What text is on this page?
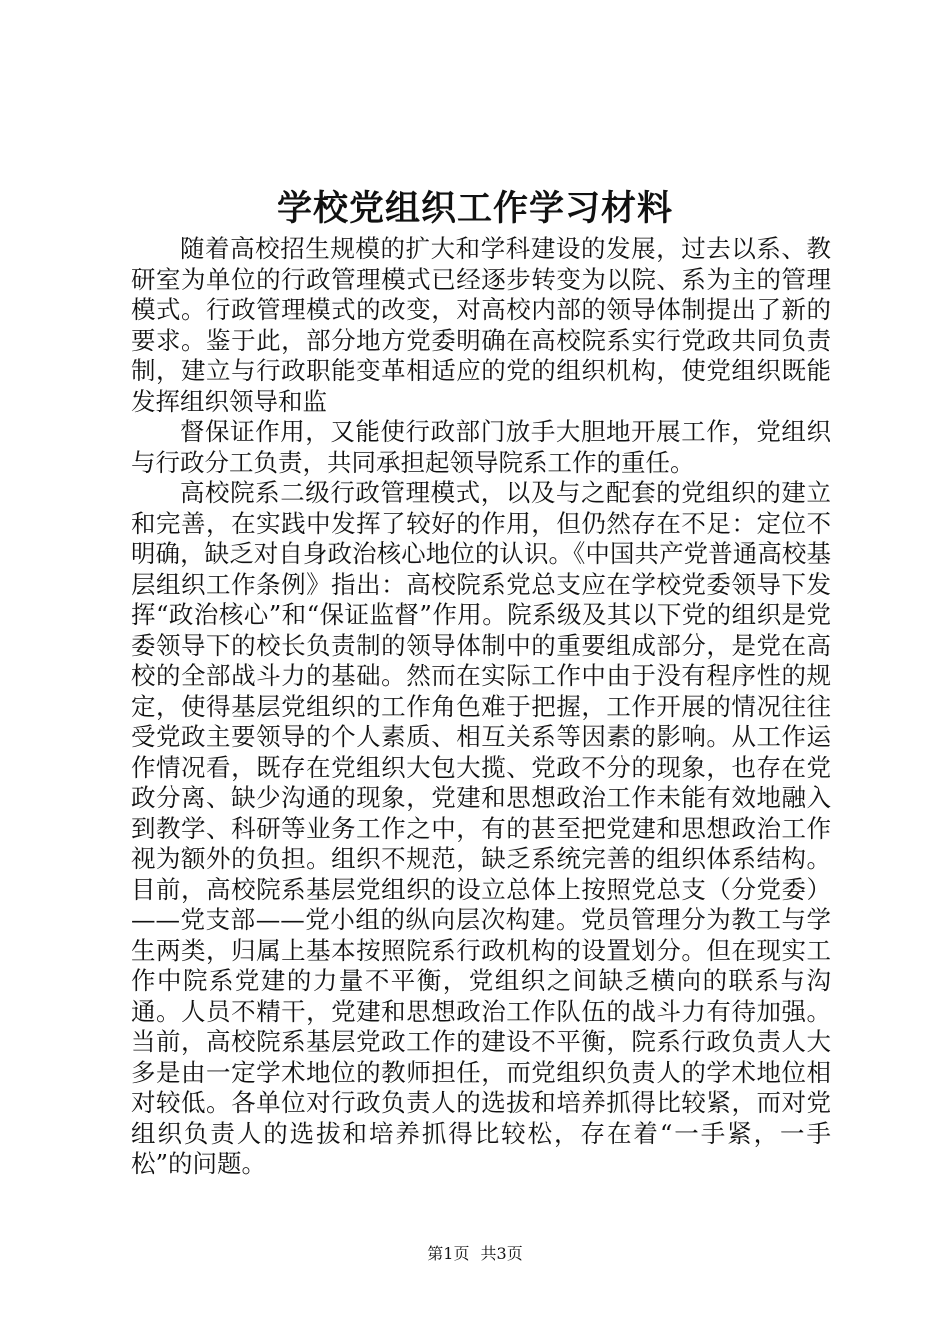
学校党组织工作学习材料

随着高校招生规模的扩大和学科建设的发展，过去以系、教研室为单位的行政管理模式已经逐步转变为以院、系为主的管理模式。行政管理模式的改变，对高校内部的领导体制提出了新的要求。鉴于此，部分地方党委明确在高校院系实行党政共同负责制，建立与行政职能变革相适应的党的组织机构，使党组织既能发挥组织领导和监

督保证作用，又能使行政部门放手大胆地开展工作，党组织与行政分工负责，共同承担起领导院系工作的重任。

高校院系二级行政管理模式，以及与之配套的党组织的建立和完善，在实践中发挥了较好的作用，但仍然存在不足：定位不明确，缺乏对自身政治核心地位的认识。《中国共产党普通高校基层组织工作条例》指出：高校院系党总支应在学校党委领导下发挥“政治核心”和“保证监督”作用。院系级及其以下党的组织是党委领导下的校长负责制的领导体制中的重要组成部分，是党在高校的全部战斗力的基础。然而在实际工作中由于没有程序性的规定，使得基层党组织的工作角色难于把握，工作开展的情况往往受党政主要领导的个人素质、相互关系等因素的影响。从工作运作情况看，既存在党组织大包大揽、党政不分的现象，也存在党政分离、缺少沟通的现象，党建和思想政治工作未能有效地融入到教学、科研等业务工作之中，有的甚至把党建和思想政治工作视为额外的负担。组织不规范，缺乏系统完善的组织体系结构。目前，高校院系基层党组织的设立总体上按照党总支（分党委）——党支部——党小组的纵向层次构建。党员管理分为教工与学生两类，归属上基本按照院系行政机构的设置划分。但在现实工作中院系党建的力量不平衡，党组织之间缺乏横向的联系与沟通。人员不精干，党建和思想政治工作队伍的战斗力有待加强。当前，高校院系基层党政工作的建设不平衡，院系行政负责人大多是由一定学术地位的教师担任，而党组织负责人的学术地位相对较低。各单位对行政负责人的选拔和培养抓得比较紧，而对党组织负责人的选拔和培养抓得比较松，存在着“一手紧，一手松”的问题。

第1页 共3页
